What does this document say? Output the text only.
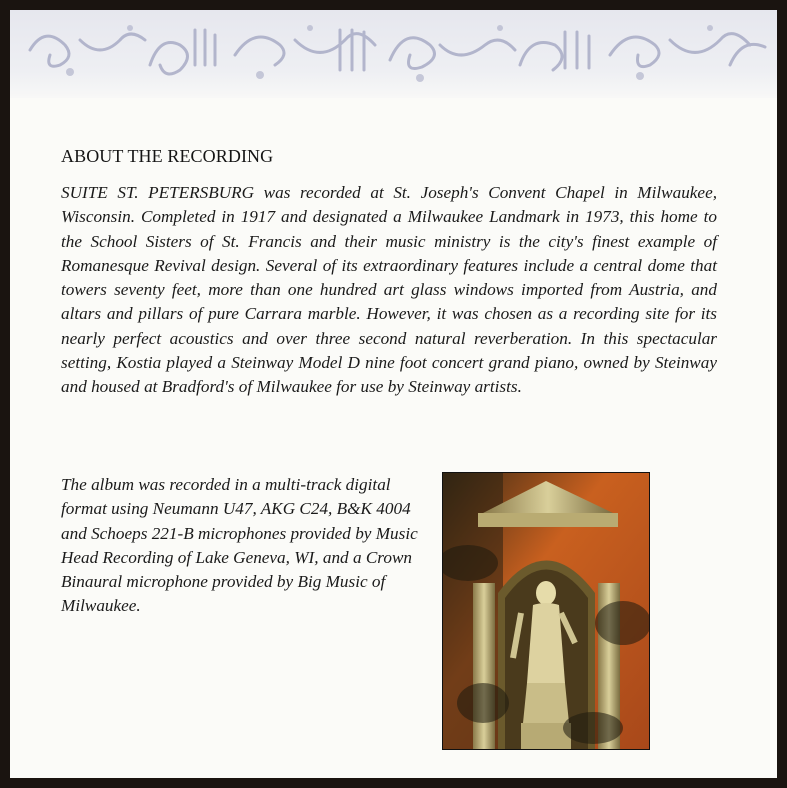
ABOUT THE RECORDING
SUITE ST. PETERSBURG was recorded at St. Joseph's Convent Chapel in Milwaukee, Wisconsin. Completed in 1917 and designated a Milwaukee Landmark in 1973, this home to the School Sisters of St. Francis and their music ministry is the city's finest example of Romanesque Revival design. Several of its extraordinary features include a central dome that towers seventy feet, more than one hundred art glass windows imported from Austria, and altars and pillars of pure Carrara marble. However, it was chosen as a recording site for its nearly perfect acoustics and over three second natural reverberation. In this spectacular setting, Kostia played a Steinway Model D nine foot concert grand piano, owned by Steinway and housed at Bradford's of Milwaukee for use by Steinway artists.
The album was recorded in a multi-track digital format using Neumann U47, AKG C24, B&K 4004 and Schoeps 221-B microphones provided by Music Head Recording of Lake Geneva, WI, and a Crown Binaural microphone provided by Big Music of Milwaukee.
